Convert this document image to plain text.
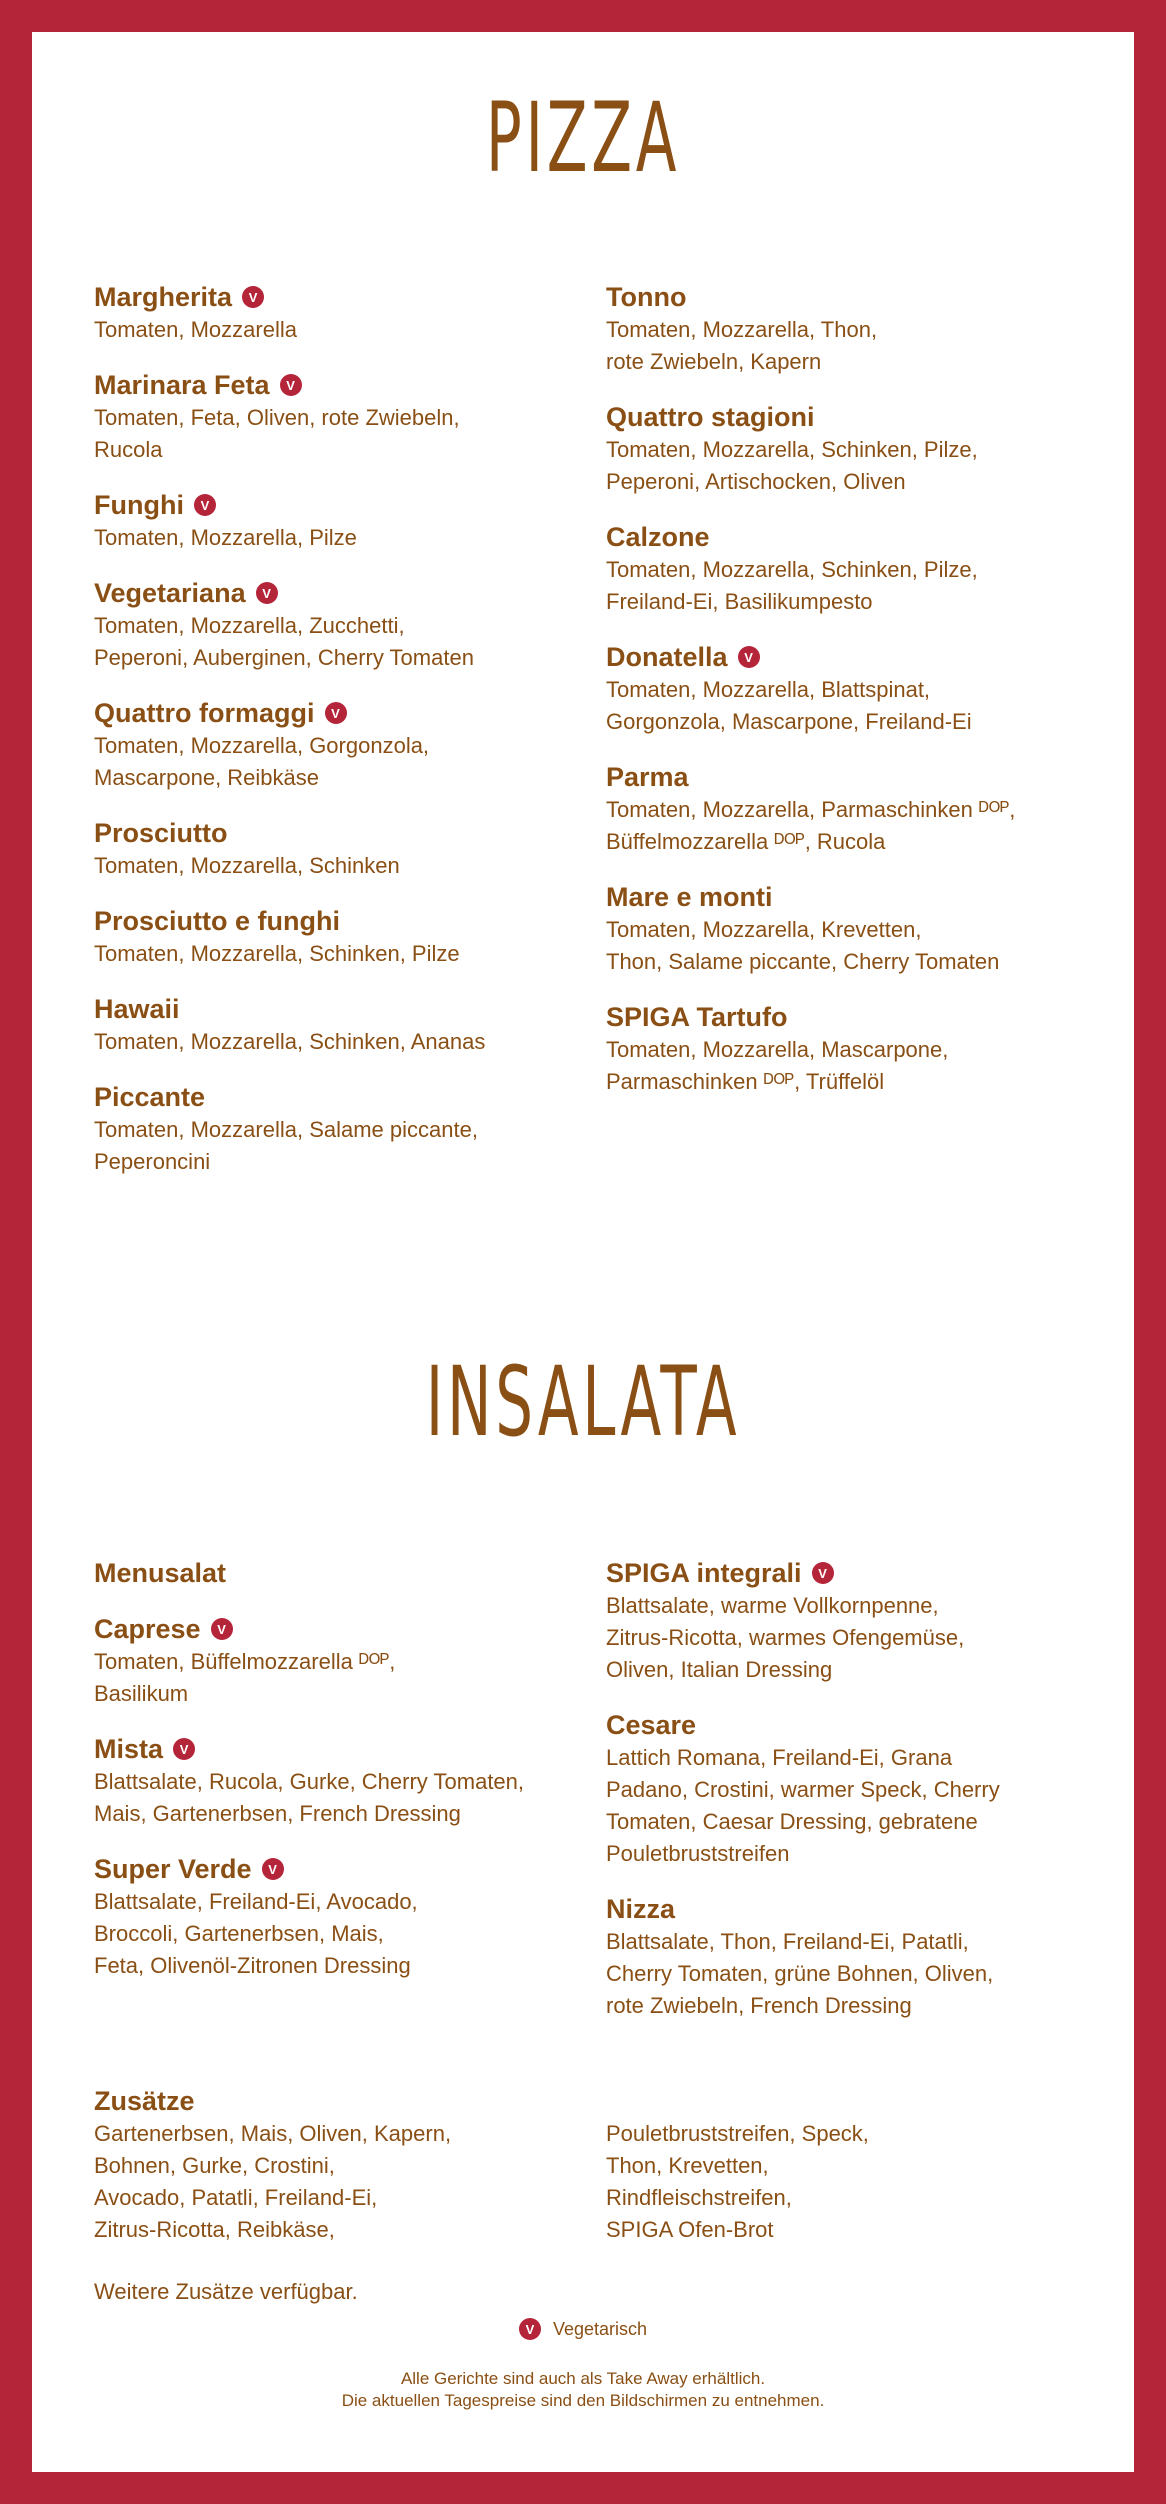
PIZZA
Margherita	V
Tomaten, Mozzarella
Marinara Feta	V
Tomaten, Feta, Oliven, rote Zwiebeln,
Rucola
Funghi	V
Tomaten, Mozzarella, Pilze
Vegetariana	V
Tomaten, Mozzarella, Zucchetti,
Peperoni, Auberginen, Cherry Tomaten
Quattro formaggi	V
Tomaten, Mozzarella, Gorgonzola,
Mascarpone, Reibkäse
Prosciutto
Tomaten, Mozzarella, Schinken
Prosciutto e funghi
Tomaten, Mozzarella, Schinken, Pilze
Hawaii
Tomaten, Mozzarella, Schinken, Ananas
Piccante
Tomaten, Mozzarella, Salame piccante,
Peperoncini
Tonno
Tomaten, Mozzarella, Thon,
rote Zwiebeln, Kapern
Quattro stagioni
Tomaten, Mozzarella, Schinken, Pilze,
Peperoni, Artischocken, Oliven
Calzone
Tomaten, Mozzarella, Schinken, Pilze,
Freiland-Ei, Basilikumpesto
Donatella	V
Tomaten, Mozzarella, Blattspinat,
Gorgonzola, Mascarpone, Freiland-Ei
Parma
Tomaten, Mozzarella, Parmaschinken ᴰᴼᴾ,
Büffelmozzarella ᴰᴼᴾ, Rucola
Mare e monti
Tomaten, Mozzarella, Krevetten,
Thon, Salame piccante, Cherry Tomaten
SPIGA Tartufo
Tomaten, Mozzarella, Mascarpone,
Parmaschinken ᴰᴼᴾ, Trüffelöl
INSALATA
Menusalat
Caprese	V
Tomaten, Büffelmozzarella ᴰᴼᴾ,
Basilikum
Mista	V
Blattsalate, Rucola, Gurke, Cherry Tomaten,
Mais, Gartenerbsen, French Dressing
Super Verde	V
Blattsalate, Freiland-Ei, Avocado,
Broccoli, Gartenerbsen, Mais,
Feta, Olivenöl-Zitronen Dressing
SPIGA integrali	V
Blattsalate, warme Vollkornpenne,
Zitrus-Ricotta, warmes Ofengemüse,
Oliven, Italian Dressing
Cesare
Lattich Romana, Freiland-Ei, Grana
Padano, Crostini, warmer Speck, Cherry
Tomaten, Caesar Dressing, gebratene
Pouletbruststreifen
Nizza
Blattsalate, Thon, Freiland-Ei, Patatli,
Cherry Tomaten, grüne Bohnen, Oliven,
rote Zwiebeln, French Dressing
Zusätze
Gartenerbsen, Mais, Oliven, Kapern,
Bohnen, Gurke, Crostini,
Avocado, Patatli, Freiland-Ei,
Zitrus-Ricotta, Reibkäse,
Weitere Zusätze verfügbar.
Pouletbruststreifen, Speck,
Thon, Krevetten,
Rindfleischstreifen,
SPIGA Ofen-Brot
V	Vegetarisch
Alle Gerichte sind auch als Take Away erhältlich.
Die aktuellen Tagespreise sind den Bildschirmen zu entnehmen.
